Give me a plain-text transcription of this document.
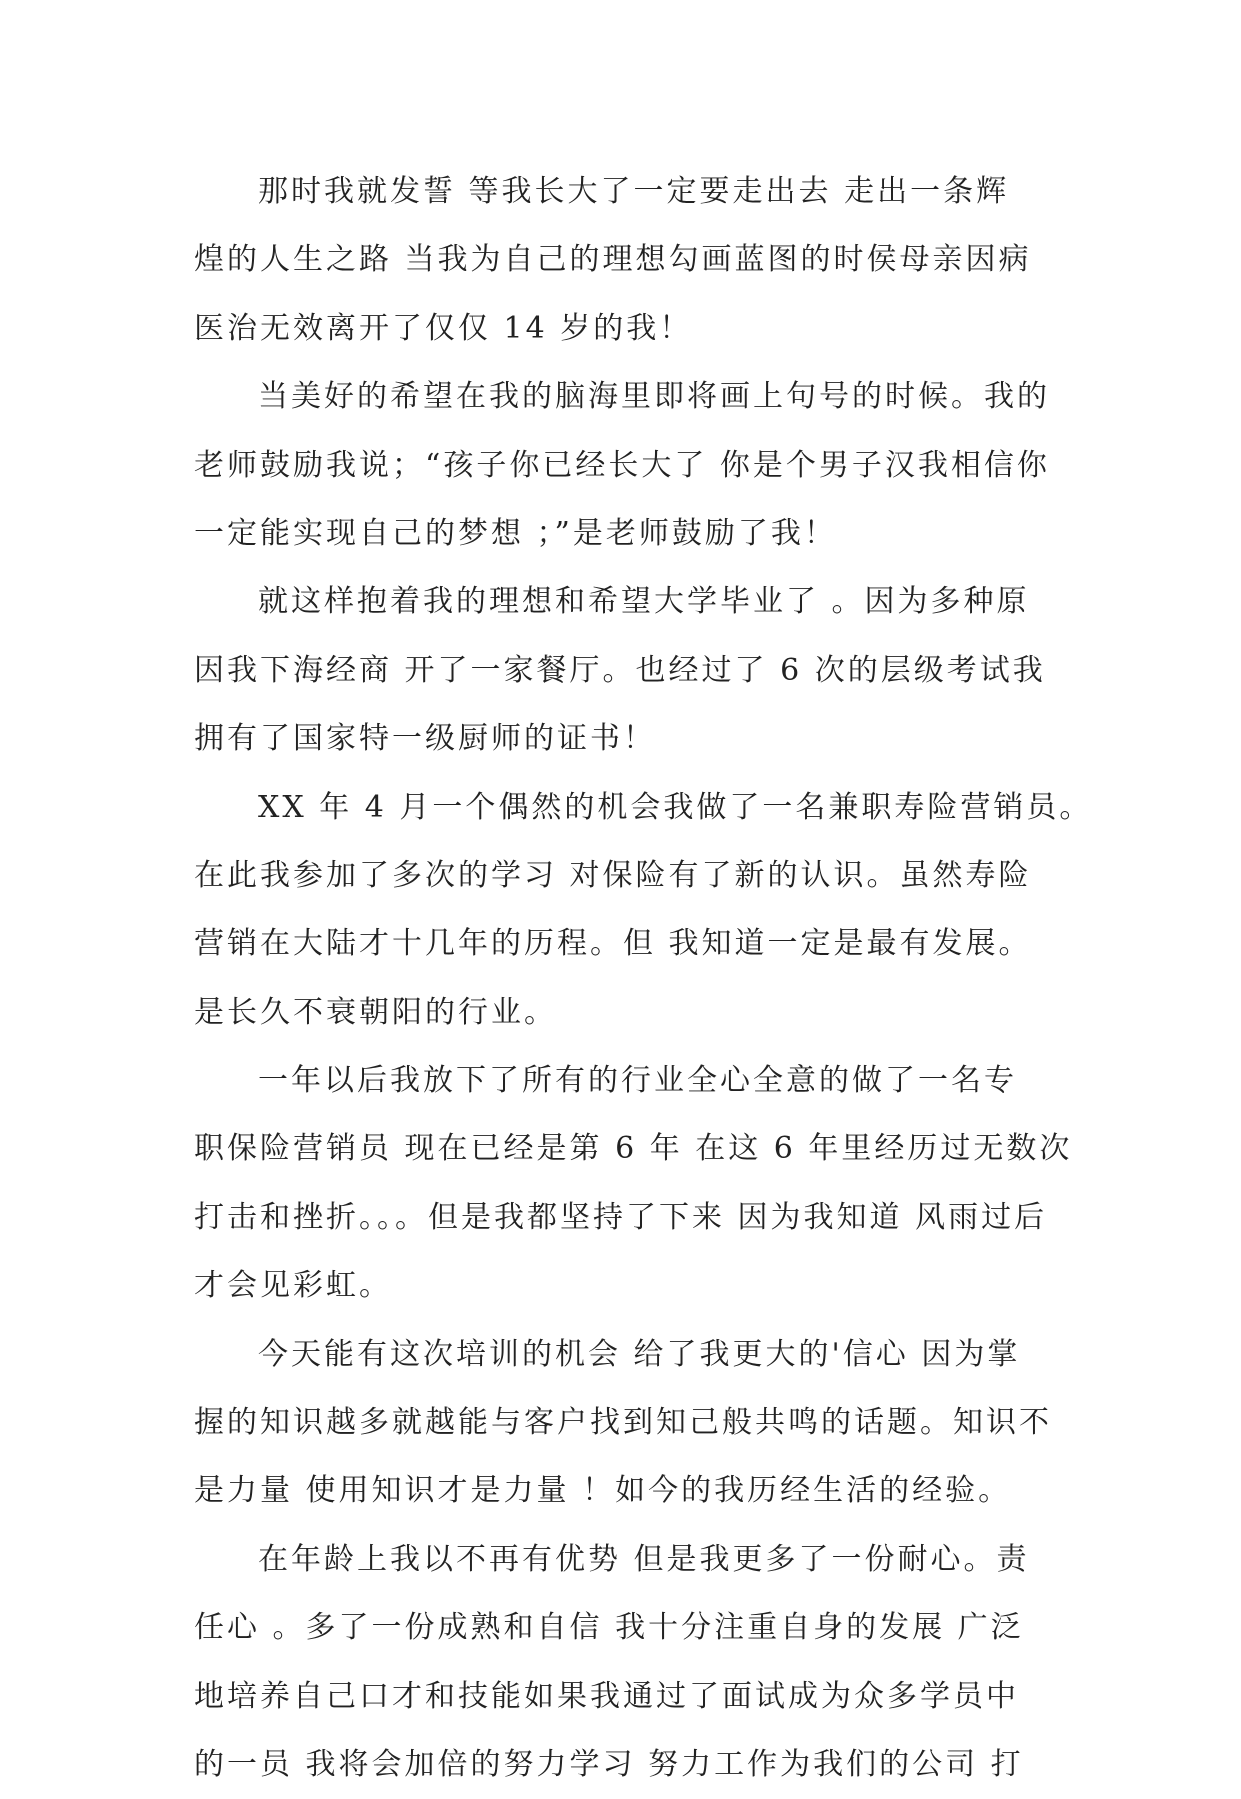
那时我就发誓 等我长大了一定要走出去 走出一条辉
煌的人生之路 当我为自己的理想勾画蓝图的时侯母亲因病
医治无效离开了仅仅 14 岁的我！
当美好的希望在我的脑海里即将画上句号的时候。我的
老师鼓励我说；“孩子你已经长大了 你是个男子汉我相信你
一定能实现自己的梦想 ；”是老师鼓励了我！
就这样抱着我的理想和希望大学毕业了 。因为多种原
因我下海经商 开了一家餐厅。也经过了 6 次的层级考试我
拥有了国家特一级厨师的证书！
XX 年 4 月一个偶然的机会我做了一名兼职寿险营销员。
在此我参加了多次的学习 对保险有了新的认识。虽然寿险
营销在大陆才十几年的历程。但 我知道一定是最有发展。
是长久不衰朝阳的行业。
一年以后我放下了所有的行业全心全意的做了一名专
职保险营销员 现在已经是第 6 年 在这 6 年里经历过无数次
打击和挫折。。。但是我都坚持了下来 因为我知道 风雨过后
才会见彩虹。
今天能有这次培训的机会 给了我更大的'信心 因为掌
握的知识越多就越能与客户找到知己般共鸣的话题。知识不
是力量 使用知识才是力量 ！如今的我历经生活的经验。
在年龄上我以不再有优势 但是我更多了一份耐心。责
任心 。多了一份成熟和自信 我十分注重自身的发展 广泛
地培养自己口才和技能如果我通过了面试成为众多学员中
的一员 我将会加倍的努力学习 努力工作为我们的公司 打
